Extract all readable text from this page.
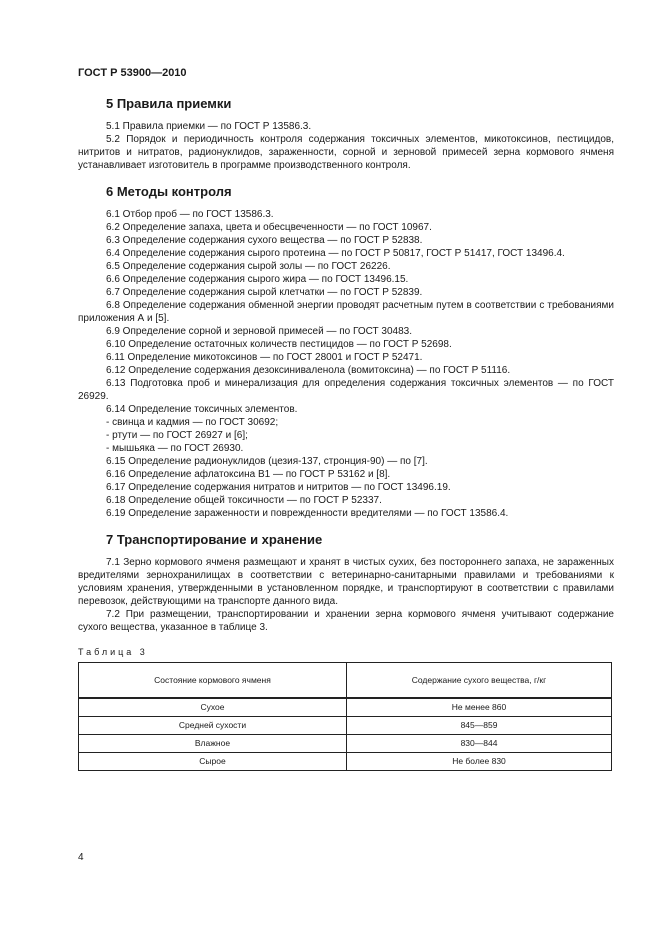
ГОСТ Р 53900—2010
5 Правила приемки

5.1 Правила приемки — по ГОСТ Р 13586.3.

5.2 Порядок и периодичность контроля содержания токсичных элементов, микотоксинов, пестицидов, нитритов и нитратов, радионуклидов, зараженности, сорной и зерновой примесей зерна кормового ячменя устанавливает изготовитель в программе производственного контроля.

6 Методы контроля

6.1 Отбор проб — по ГОСТ 13586.3.

6.2 Определение запаха, цвета и обесцвеченности — по ГОСТ 10967.

6.3 Определение содержания сухого вещества — по ГОСТ Р 52838.

6.4 Определение содержания сырого протеина — по ГОСТ Р 50817, ГОСТ Р 51417, ГОСТ 13496.4.

6.5 Определение содержания сырой золы — по ГОСТ 26226.

6.6 Определение содержания сырого жира — по ГОСТ 13496.15.

6.7 Определение содержания сырой клетчатки — по ГОСТ Р 52839.

6.8 Определение содержания обменной энергии проводят расчетным путем в соответствии с требованиями приложения А и [5].

6.9 Определение сорной и зерновой примесей — по ГОСТ 30483.

6.10 Определение остаточных количеств пестицидов — по ГОСТ Р 52698.

6.11 Определение микотоксинов — по ГОСТ 28001 и ГОСТ Р 52471.

6.12 Определение содержания дезоксиниваленола (вомитоксина) — по ГОСТ Р 51116.

6.13 Подготовка проб и минерализация для определения содержания токсичных элементов — по ГОСТ 26929.

6.14 Определение токсичных элементов.

- свинца и кадмия — по ГОСТ 30692;

- ртути — по ГОСТ 26927 и [6];

- мышьяка — по ГОСТ 26930.

6.15 Определение радионуклидов (цезия-137, стронция-90) — по [7].

6.16 Определение афлатоксина В1 — по ГОСТ Р 53162 и [8].

6.17 Определение содержания нитратов и нитритов — по ГОСТ 13496.19.

6.18 Определение общей токсичности — по ГОСТ Р 52337.

6.19 Определение зараженности и поврежденности вредителями — по ГОСТ 13586.4.

7 Транспортирование и хранение

7.1 Зерно кормового ячменя размещают и хранят в чистых сухих, без постороннего запаха, не зараженных вредителями зернохранилищах в соответствии с ветеринарно-санитарными правилами и требованиями к условиям хранения, утвержденными в установленном порядке, и транспортируют в соответствии с правилами перевозок, действующими на транспорте данного вида.

7.2 При размещении, транспортировании и хранении зерна кормового ячменя учитывают содержание сухого вещества, указанное в таблице 3.

Таблица 3
Состояние кормового ячменя	Содержание сухого вещества, г/кг
Сухое	Не менее 860
Средней сухости	845—859
Влажное	830—844
Сырое	Не более 830
4
